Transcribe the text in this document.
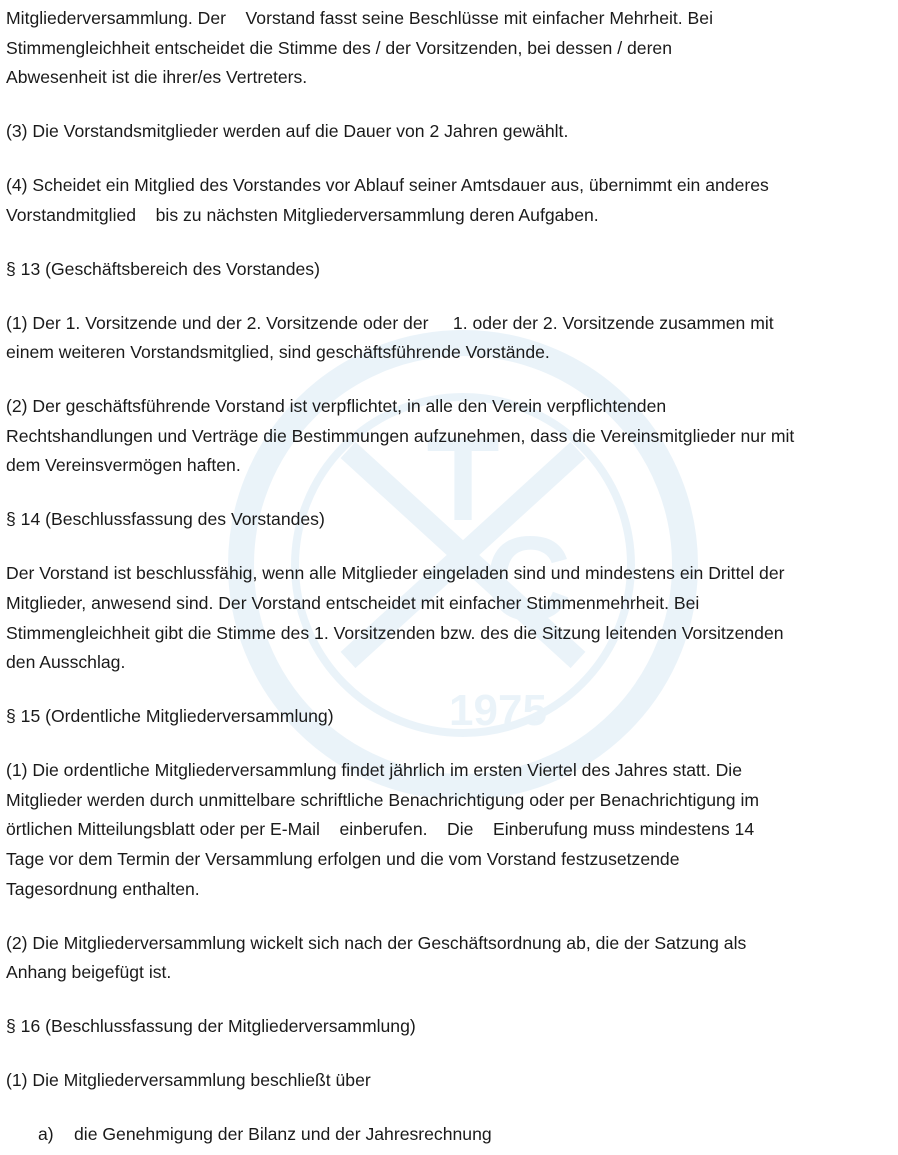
T
C
1975

Mitgliederversammlung. Der    Vorstand fasst seine Beschlüsse mit einfacher Mehrheit. Bei

Stimmengleichheit entscheidet die Stimme des / der Vorsitzenden, bei dessen / deren

Abwesenheit ist die ihrer/es Vertreters.

(3) Die Vorstandsmitglieder werden auf die Dauer von 2 Jahren gewählt.

(4) Scheidet ein Mitglied des Vorstandes vor Ablauf seiner Amtsdauer aus, übernimmt ein anderes

Vorstandmitglied    bis zu nächsten Mitgliederversammlung deren Aufgaben.

§ 13 (Geschäftsbereich des Vorstandes)

(1) Der 1. Vorsitzende und der 2. Vorsitzende oder der     1. oder der 2. Vorsitzende zusammen mit

einem weiteren Vorstandsmitglied, sind geschäftsführende Vorstände.

(2) Der geschäftsführende Vorstand ist verpflichtet, in alle den Verein verpflichtenden

Rechtshandlungen und Verträge die Bestimmungen aufzunehmen, dass die Vereinsmitglieder nur mit

dem Vereinsvermögen haften.

§ 14 (Beschlussfassung des Vorstandes)

Der Vorstand ist beschlussfähig, wenn alle Mitglieder eingeladen sind und mindestens ein Drittel der

Mitglieder, anwesend sind. Der Vorstand entscheidet mit einfacher Stimmenmehrheit. Bei

Stimmengleichheit gibt die Stimme des 1. Vorsitzenden bzw. des die Sitzung leitenden Vorsitzenden

den Ausschlag.

§ 15 (Ordentliche Mitgliederversammlung)

(1) Die ordentliche Mitgliederversammlung findet jährlich im ersten Viertel des Jahres statt. Die

Mitglieder werden durch unmittelbare schriftliche Benachrichtigung oder per Benachrichtigung im

örtlichen Mitteilungsblatt oder per E-Mail    einberufen.    Die    Einberufung muss mindestens 14

Tage vor dem Termin der Versammlung erfolgen und die vom Vorstand festzusetzende

Tagesordnung enthalten.

(2) Die Mitgliederversammlung wickelt sich nach der Geschäftsordnung ab, die der Satzung als

Anhang beigefügt ist.

§ 16 (Beschlussfassung der Mitgliederversammlung)

(1) Die Mitgliederversammlung beschließt über

a)	die Genehmigung der Bilanz und der Jahresrechnung
